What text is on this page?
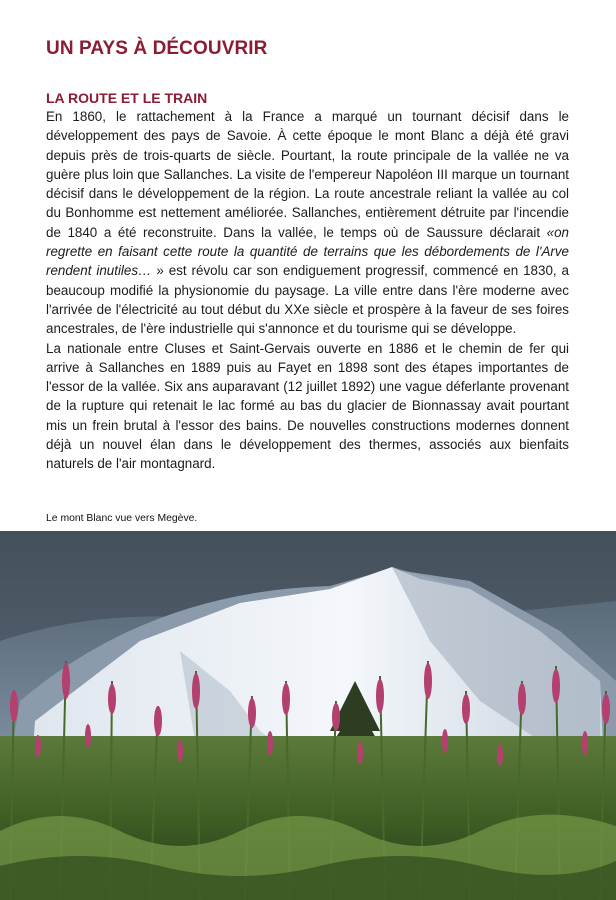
UN PAYS À DÉCOUVRIR
LA ROUTE ET LE TRAIN

En 1860, le rattachement à la France a marqué un tournant décisif dans le développement des pays de Savoie. À cette époque le mont Blanc a déjà été gravi depuis près de trois-quarts de siècle. Pourtant, la route principale de la vallée ne va guère plus loin que Sallanches. La visite de l'empereur Napoléon III marque un tournant décisif dans le développement de la région. La route ancestrale reliant la vallée au col du Bonhomme est nettement améliorée. Sallanches, entièrement détruite par l'incendie de 1840 a été reconstruite. Dans la vallée, le temps où de Saussure déclarait «on regrette en faisant cette route la quantité de terrains que les débordements de l'Arve rendent inutiles… » est révolu car son endiguement progressif, commencé en 1830, a beaucoup modifié la physionomie du paysage. La ville entre dans l'ère moderne avec l'arrivée de l'électricité au tout début du XXe siècle et prospère à la faveur de ses foires ancestrales, de l'ère industrielle qui s'annonce et du tourisme qui se développe.

La nationale entre Cluses et Saint-Gervais ouverte en 1886 et le chemin de fer qui arrive à Sallanches en 1889 puis au Fayet en 1898 sont des étapes importantes de l'essor de la vallée. Six ans auparavant (12 juillet 1892) une vague déferlante provenant de la rupture qui retenait le lac formé au bas du glacier de Bionnassay avait pourtant mis un frein brutal à l'essor des bains. De nouvelles constructions modernes donnent déjà un nouvel élan dans le développement des thermes, associés aux bienfaits naturels de l'air montagnard.

Le mont Blanc vue vers Megève.
